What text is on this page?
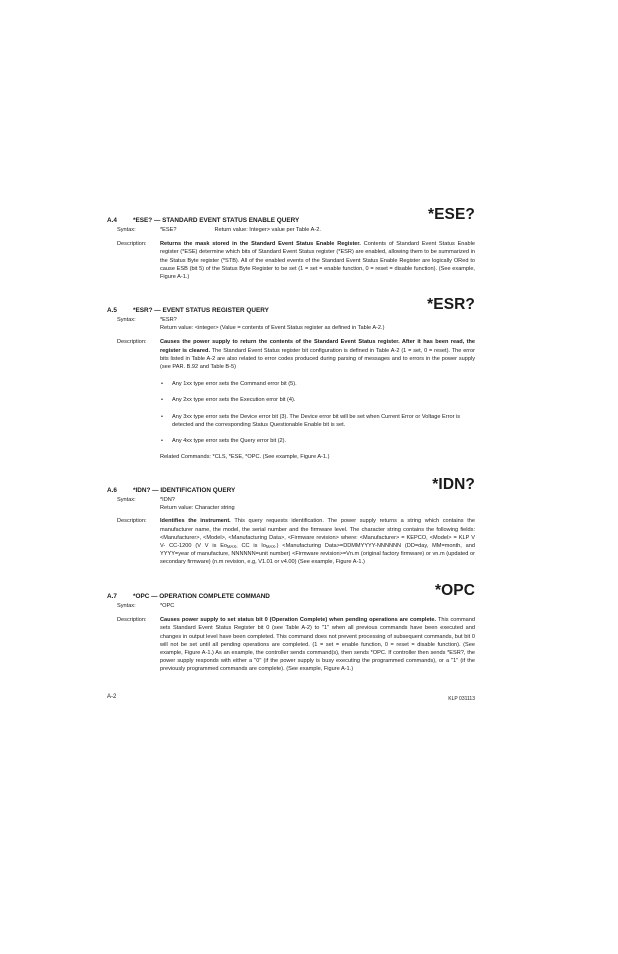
A.4	*ESE? — STANDARD EVENT STATUS ENABLE QUERY	*ESE?
Syntax:	*ESE?	Return value: Integer> value per Table A-2.
Description:	Returns the mask stored in the Standard Event Status Enable Register. Contents of Standard Event Status Enable register (*ESE) determine which bits of Standard Event Status register (*ESR) are enabled, allowing them to be summarized in the Status Byte register (*STB). All of the enabled events of the Standard Event Status Enable Register are logically ORed to cause ESB (bit 5) of the Status Byte Register to be set (1 = set = enable function, 0 = reset = disable function). (See example, Figure A-1.)
A.5	*ESR? — EVENT STATUS REGISTER QUERY	*ESR?
Syntax:	*ESR?
Return value: <integer> (Value = contents of Event Status register as defined in Table A-2.)
Description:	Causes the power supply to return the contents of the Standard Event Status register. After it has been read, the register is cleared. The Standard Event Status register bit configuration is defined in Table A-2 (1 = set, 0 = reset). The error bits listed in Table A-2 are also related to error codes produced during parsing of messages and to errors in the power supply (see PAR. B.92 and Table B-5)
• Any 1xx type error sets the Command error bit (5).
• Any 2xx type error sets the Execution error bit (4).
• Any 3xx type error sets the Device error bit (3). The Device error bit will be set when Current Error or Voltage Error is detected and the corresponding Status Questionable Enable bit is set.
• Any 4xx type error sets the Query error bit (2).
Related Commands: *CLS, *ESE, *OPC. (See example, Figure A-1.)
A.6	*IDN? — IDENTIFICATION QUERY	*IDN?
Syntax:	*IDN?
Return value: Character string
Description:	Identifies the instrument. This query requests identification. The power supply returns a string which contains the manufacturer name, the model, the serial number and the firmware level. The character string contains the following fields: <Manufacturer>, <Model>, <Manufacturing Data>, <Firmware revision> where: <Manufacturer> = KEPCO, <Model> = KLP V V- CC-1200 (V V is $Eo_{MAX}$, CC is $Io_{MAX}$.) <Manufacturing Data>=DDMMYYYY-NNNNNN (DD=day, MM=month, and YYYY=year of manufacture, NNNNNN=unit number) <Firmware revision>=Vn.m (original factory firmware) or vn.m (updated or secondary firmware) (n.m revision, e.g, V1.01 or v4.00) (See example, Figure A-1.)
A.7	*OPC — OPERATION COMPLETE COMMAND	*OPC
Syntax:	*OPC
Description:	Causes power supply to set status bit 0 (Operation Complete) when pending operations are complete. This command sets Standard Event Status Register bit 0 (see Table A-2) to "1" when all previous commands have been executed and changes in output level have been completed. This command does not prevent processing of subsequent commands, but bit 0 will not be set until all pending operations are completed. (1 = set = enable function, 0 = reset = disable function). (See example, Figure A-1.) As an example, the controller sends command(s), then sends *OPC. If controller then sends *ESR?, the power supply responds with either a "0" (if the power supply is busy executing the programmed commands), or a "1" (if the previously programmed commands are complete). (See example, Figure A-1.)
A-2	KLP 031113
